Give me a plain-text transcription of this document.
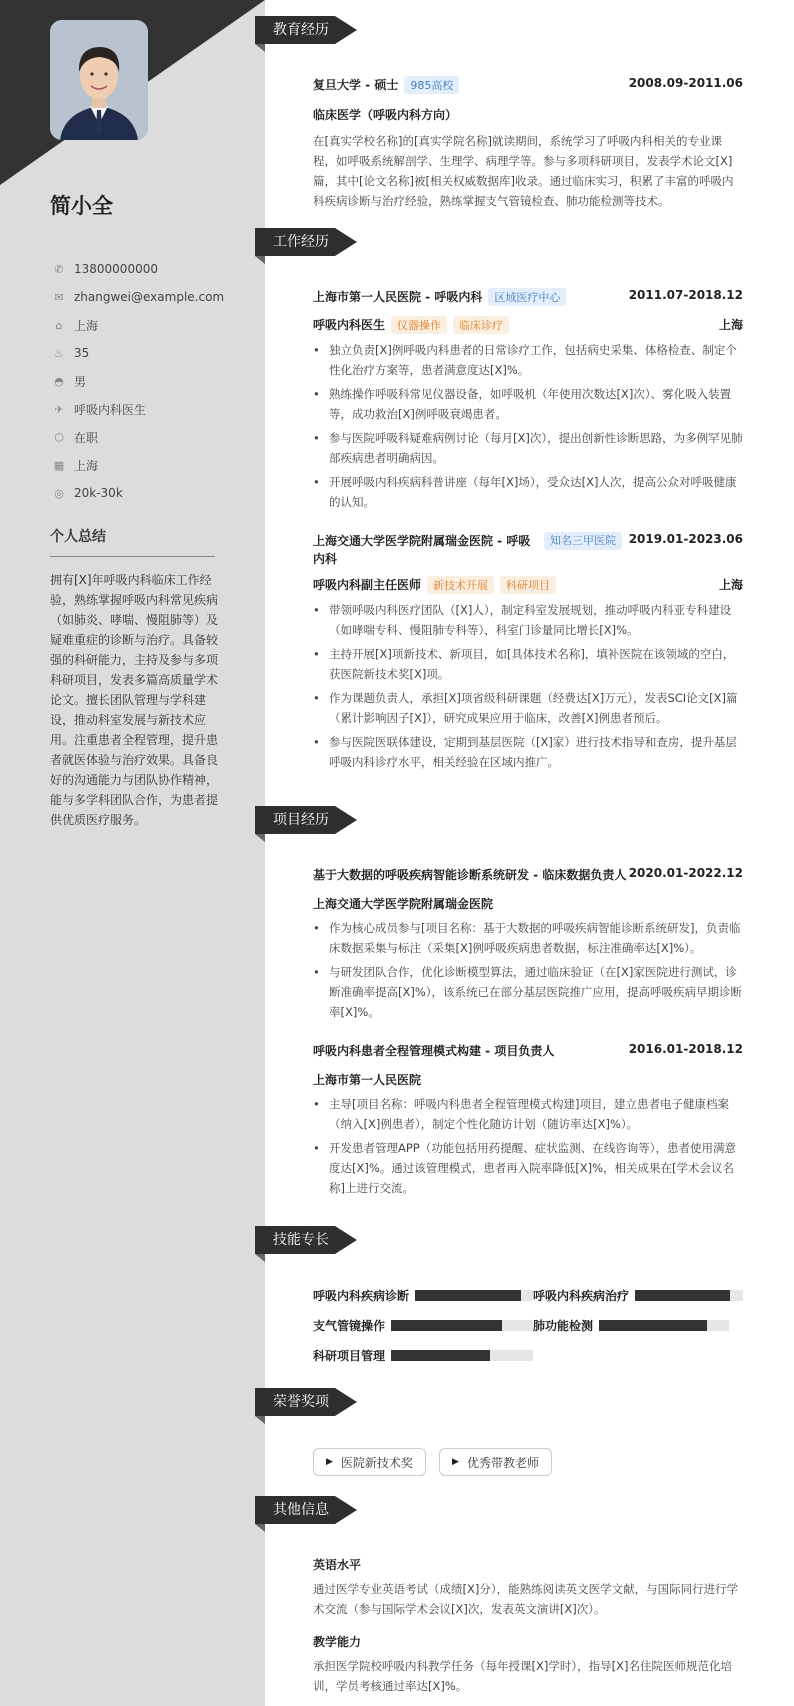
简小全
✆ 13800000000
✉ zhangwei@example.com
⌂ 上海
♨ 35
◓ 男
✈ 呼吸内科医生
⬡ 在职
▦ 上海
◎ 20k-30k
个人总结
拥有[X]年呼吸内科临床工作经验，熟练掌握呼吸内科常见疾病（如肺炎、哮喘、慢阻肺等）及疑难重症的诊断与治疗。具备较强的科研能力，主持及参与多项科研项目，发表多篇高质量学术论文。擅长团队管理与学科建设，推动科室发展与新技术应用。注重患者全程管理，提升患者就医体验与治疗效果。具备良好的沟通能力与团队协作精神，能与多学科团队合作，为患者提供优质医疗服务。
教育经历
复旦大学 - 硕士 985高校	2008.09-2011.06
临床医学（呼吸内科方向）
在[真实学校名称]的[真实学院名称]就读期间，系统学习了呼吸内科相关的专业课程，如呼吸系统解剖学、生理学、病理学等。参与多项科研项目，发表学术论文[X]篇，其中[论文名称]被[相关权威数据库]收录。通过临床实习，积累了丰富的呼吸内科疾病诊断与治疗经验，熟练掌握支气管镜检查、肺功能检测等技术。
工作经历
上海市第一人民医院 - 呼吸内科 区域医疗中心	2011.07-2018.12
呼吸内科医生 仪器操作 临床诊疗	上海
• 独立负责[X]例呼吸内科患者的日常诊疗工作，包括病史采集、体格检查、制定个性化治疗方案等，患者满意度达[X]%。
• 熟练操作呼吸科常见仪器设备，如呼吸机（年使用次数达[X]次）、雾化吸入装置等，成功救治[X]例呼吸衰竭患者。
• 参与医院呼吸科疑难病例讨论（每月[X]次），提出创新性诊断思路，为多例罕见肺部疾病患者明确病因。
• 开展呼吸内科疾病科普讲座（每年[X]场），受众达[X]人次，提高公众对呼吸健康的认知。
上海交通大学医学院附属瑞金医院 - 呼吸内科
知名三甲医院	2019.01-2023.06
呼吸内科副主任医师 新技术开展 科研项目	上海
• 带领呼吸内科医疗团队（[X]人），制定科室发展规划，推动呼吸内科亚专科建设（如哮喘专科、慢阻肺专科等），科室门诊量同比增长[X]%。
• 主持开展[X]项新技术、新项目，如[具体技术名称]，填补医院在该领域的空白，获医院新技术奖[X]项。
• 作为课题负责人，承担[X]项省级科研课题（经费达[X]万元），发表SCI论文[X]篇（累计影响因子[X]），研究成果应用于临床，改善[X]例患者预后。
• 参与医院医联体建设，定期到基层医院（[X]家）进行技术指导和查房，提升基层呼吸内科诊疗水平，相关经验在区域内推广。
项目经历
基于大数据的呼吸疾病智能诊断系统研发 - 临床数据负责人 2020.01-2022.12
上海交通大学医学院附属瑞金医院
• 作为核心成员参与[项目名称：基于大数据的呼吸疾病智能诊断系统研发]，负责临床数据采集与标注（采集[X]例呼吸疾病患者数据，标注准确率达[X]%）。
• 与研发团队合作，优化诊断模型算法，通过临床验证（在[X]家医院进行测试，诊断准确率提高[X]%），该系统已在部分基层医院推广应用，提高呼吸疾病早期诊断率[X]%。
呼吸内科患者全程管理模式构建 - 项目负责人	2016.01-2018.12
上海市第一人民医院
• 主导[项目名称：呼吸内科患者全程管理模式构建]项目，建立患者电子健康档案（纳入[X]例患者），制定个性化随访计划（随访率达[X]%）。
• 开发患者管理APP（功能包括用药提醒、症状监测、在线咨询等），患者使用满意度达[X]%。通过该管理模式，患者再入院率降低[X]%，相关成果在[学术会议名称]上进行交流。
技能专长
呼吸内科疾病诊断	呼吸内科疾病治疗
支气管镜操作	肺功能检测
科研项目管理
荣誉奖项
▶ 医院新技术奖
	▶ 优秀带教老师
其他信息
英语水平
通过医学专业英语考试（成绩[X]分），能熟练阅读英文医学文献，与国际同行进行学术交流（参与国际学术会议[X]次，发表英文演讲[X]次）。
教学能力
承担医学院校呼吸内科教学任务（每年授课[X]学时），指导[X]名住院医师规范化培训，学员考核通过率达[X]%。
